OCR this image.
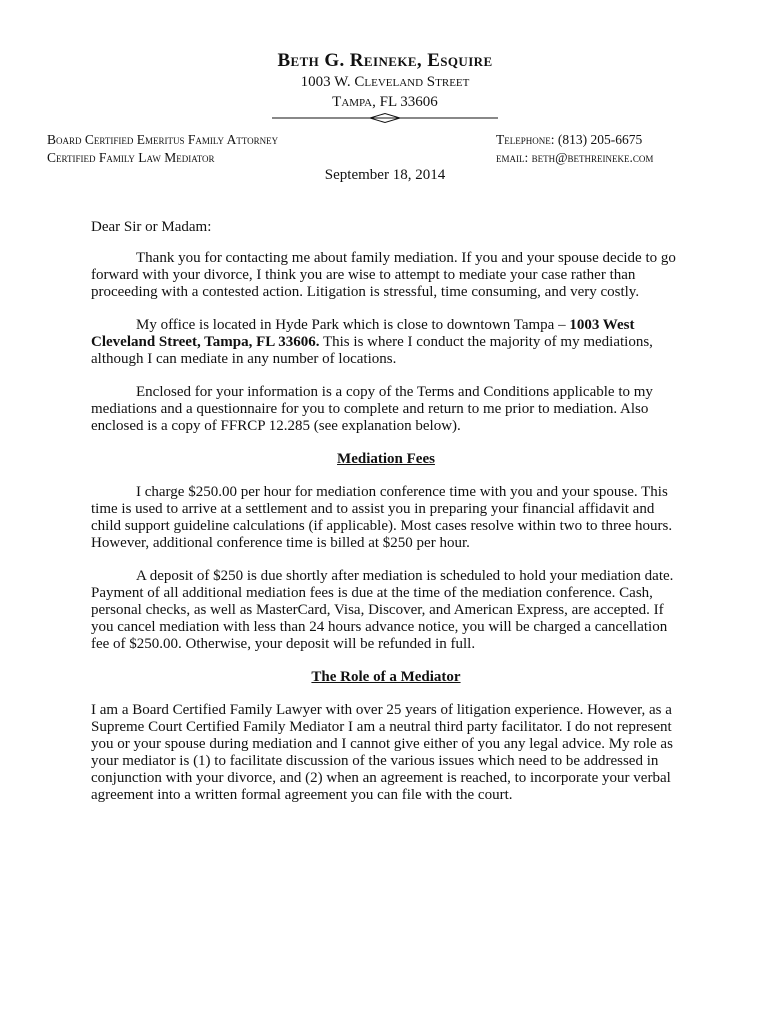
Beth G. Reineke, Esquire
1003 W. Cleveland Street
Tampa, FL 33606
Board Certified Emeritus Family Attorney
Certified Family Law Mediator
Telephone: (813) 205-6675
email: beth@bethreineke.com
September 18, 2014

Dear Sir or Madam:

Thank you for contacting me about family mediation. If you and your spouse decide to go forward with your divorce, I think you are wise to attempt to mediate your case rather than proceeding with a contested action. Litigation is stressful, time consuming, and very costly.

My office is located in Hyde Park which is close to downtown Tampa – 1003 West Cleveland Street, Tampa, FL 33606. This is where I conduct the majority of my mediations, although I can mediate in any number of locations.

Enclosed for your information is a copy of the Terms and Conditions applicable to my mediations and a questionnaire for you to complete and return to me prior to mediation. Also enclosed is a copy of FFRCP 12.285 (see explanation below).

Mediation Fees

I charge $250.00 per hour for mediation conference time with you and your spouse. This time is used to arrive at a settlement and to assist you in preparing your financial affidavit and child support guideline calculations (if applicable). Most cases resolve within two to three hours. However, additional conference time is billed at $250 per hour.

A deposit of $250 is due shortly after mediation is scheduled to hold your mediation date. Payment of all additional mediation fees is due at the time of the mediation conference. Cash, personal checks, as well as MasterCard, Visa, Discover, and American Express, are accepted. If you cancel mediation with less than 24 hours advance notice, you will be charged a cancellation fee of $250.00. Otherwise, your deposit will be refunded in full.

The Role of a Mediator

I am a Board Certified Family Lawyer with over 25 years of litigation experience. However, as a Supreme Court Certified Family Mediator I am a neutral third party facilitator. I do not represent you or your spouse during mediation and I cannot give either of you any legal advice. My role as your mediator is (1) to facilitate discussion of the various issues which need to be addressed in conjunction with your divorce, and (2) when an agreement is reached, to incorporate your verbal agreement into a written formal agreement you can file with the court.
